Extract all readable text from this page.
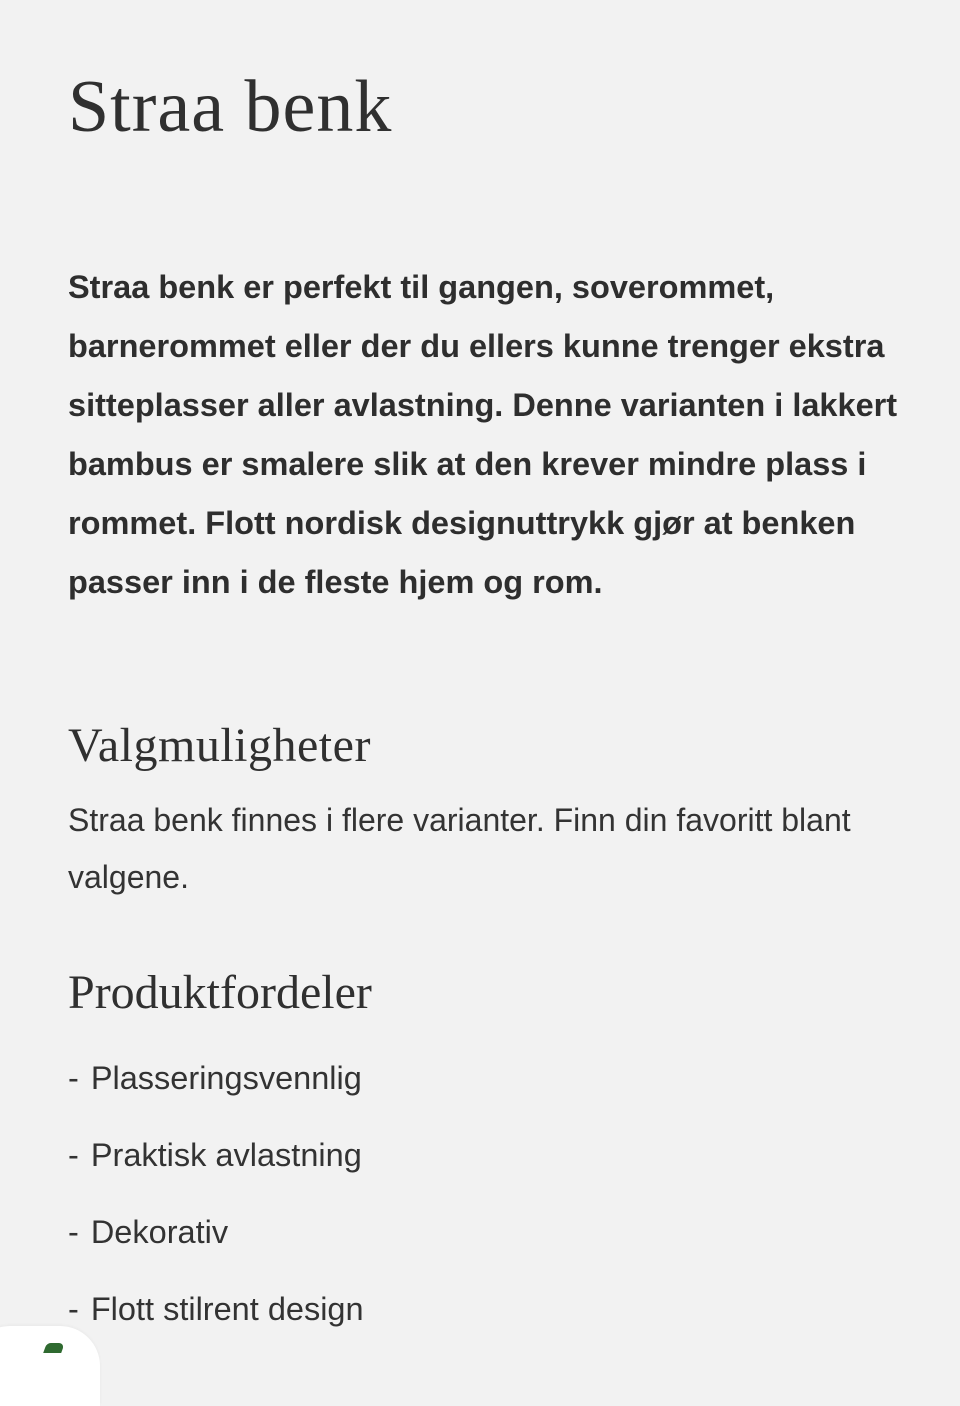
Straa benk

Straa benk er perfekt til gangen, soverommet, barnerommet eller der du ellers kunne trenger ekstra sitteplasser aller avlastning. Denne varianten i lakkert bambus er smalere slik at den krever mindre plass i rommet. Flott nordisk designuttrykk gjør at benken passer inn i de fleste hjem og rom.

Valgmuligheter

Straa benk finnes i flere varianter. Finn din favoritt blant valgene.

Produktfordeler
- Plasseringsvennlig
- Praktisk avlastning
- Dekorativ
- Flott stilrent design
